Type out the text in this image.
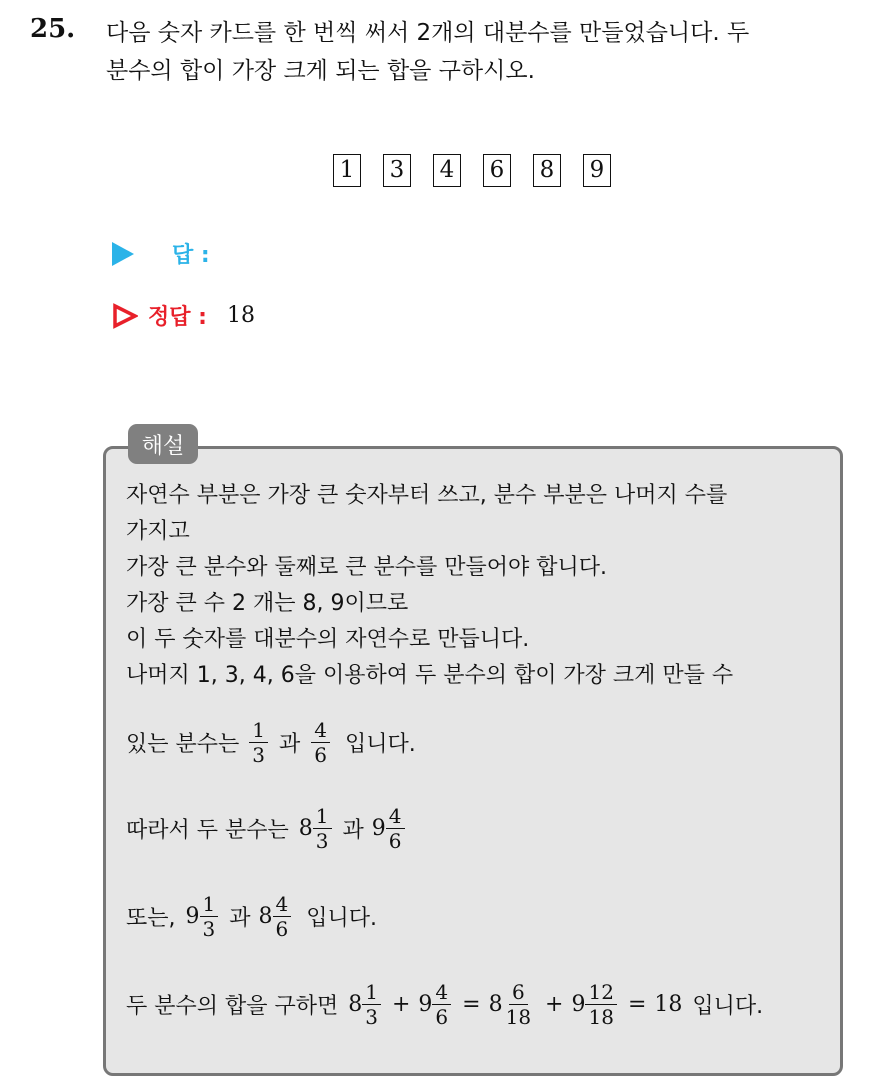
25. 다음 숫자 카드를 한 번씩 써서 2개의 대분수를 만들었습니다. 두
분수의 합이 가장 크게 되는 합을 구하시오.
1 3 4 6 8 9
답 :
정답 : 18
해설
자연수 부분은 가장 큰 숫자부터 쓰고, 분수 부분은 나머지 수를
가지고
가장 큰 분수와 둘째로 큰 분수를 만들어야 합니다.
가장 큰 수 2 개는 8, 9이므로
이 두 숫자를 대분수의 자연수로 만듭니다.
나머지 1, 3, 4, 6을 이용하여 두 분수의 합이 가장 크게 만들 수
있는 분수는 $\frac{1}{3}$ 과 $\frac{4}{6}$ 입니다.
따라서 두 분수는 $8 \frac{1}{3}$ 과 $9 \frac{4}{6}$
또는, $9 \frac{1}{3}$ 과 $8 \frac{4}{6}$ 입니다.
두 분수의 합을 구하면 $8 \frac{1}{3} + 9 \frac{4}{6} = 8 \frac{6}{18} + 9 \frac{12}{18} = 18$ 입니다.
